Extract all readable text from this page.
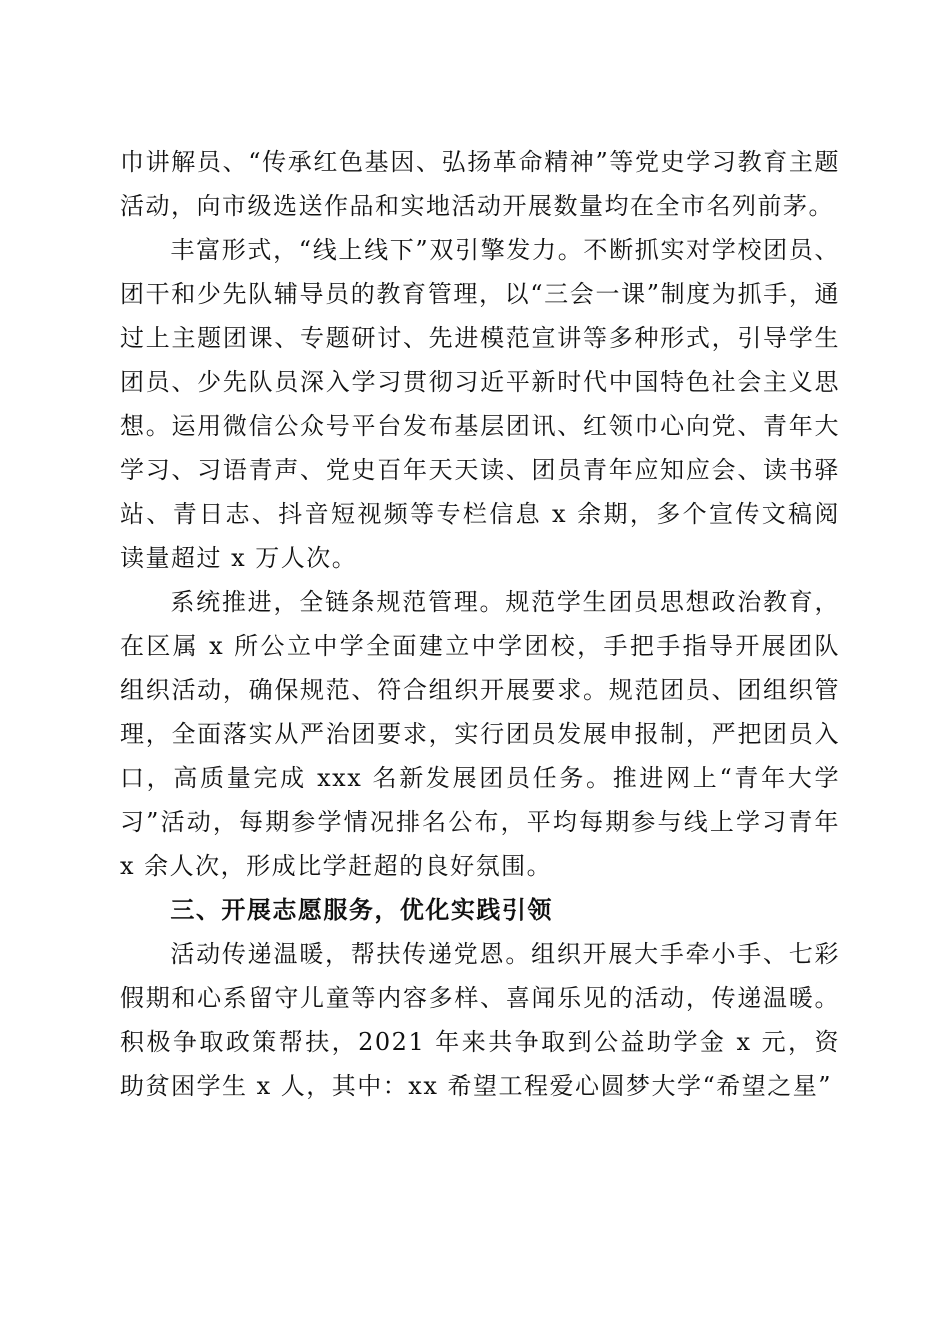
巾讲解员、“传承红色基因、弘扬革命精神”等党史学习教育主题活动，向市级选送作品和实地活动开展数量均在全市名列前茅。

丰富形式，“线上线下”双引擎发力。不断抓实对学校团员、团干和少先队辅导员的教育管理，以“三会一课”制度为抓手，通过上主题团课、专题研讨、先进模范宣讲等多种形式，引导学生团员、少先队员深入学习贯彻习近平新时代中国特色社会主义思想。运用微信公众号平台发布基层团讯、红领巾心向党、青年大学习、习语青声、党史百年天天读、团员青年应知应会、读书驿站、青日志、抖音短视频等专栏信息 x 余期，多个宣传文稿阅读量超过 x 万人次。

系统推进，全链条规范管理。规范学生团员思想政治教育，在区属 x 所公立中学全面建立中学团校，手把手指导开展团队组织活动，确保规范、符合组织开展要求。规范团员、团组织管理，全面落实从严治团要求，实行团员发展申报制，严把团员入口，高质量完成 xxx 名新发展团员任务。推进网上“青年大学习”活动，每期参学情况排名公布，平均每期参与线上学习青年 x 余人次，形成比学赶超的良好氛围。

三、开展志愿服务，优化实践引领

活动传递温暖，帮扶传递党恩。组织开展大手牵小手、七彩假期和心系留守儿童等内容多样、喜闻乐见的活动，传递温暖。积极争取政策帮扶，2021 年来共争取到公益助学金 x 元，资助贫困学生 x 人，其中：xx 希望工程爱心圆梦大学“希望之星”
